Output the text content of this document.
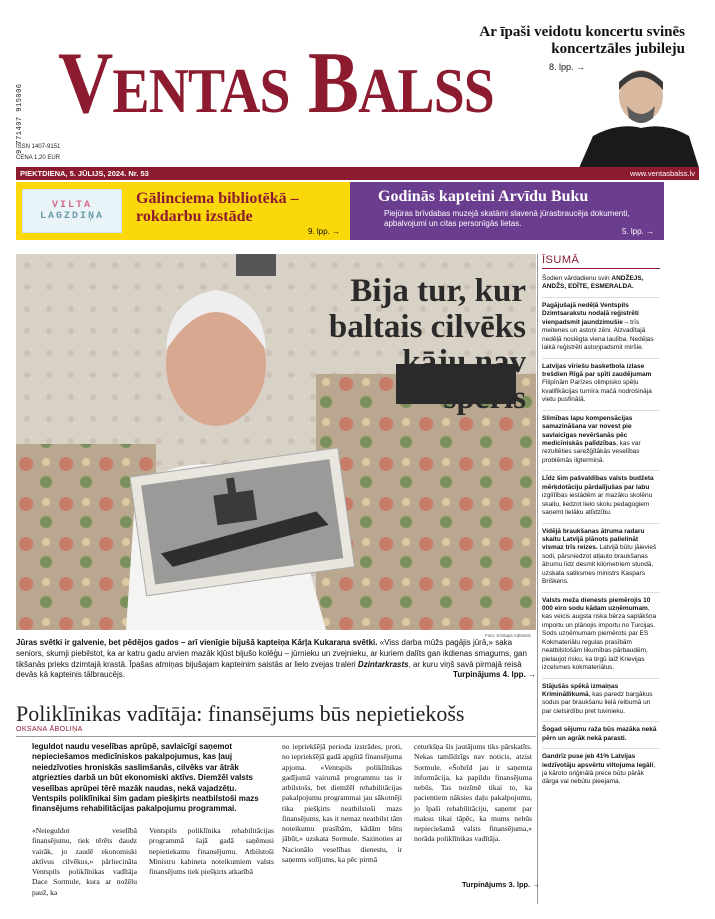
9 771407 915006
ISSN 1407-9151
CENA 1,20 EUR
VENTAS BALSS
Ar īpaši veidotu koncertu svinēs koncertzāles jubileju
8. lpp. →
PIEKTDIENA, 5. JŪLIJS, 2024. Nr. 53	www.ventasbalss.lv
VILTA
LAGZDIŅA
Gālinciema bibliotēkā – rokdarbu izstāde
9. lpp. →
Godinās kapteini Arvīdu Buku
Piejūras brīvdabas muzejā skatāmi slavenā jūrasbraucēja dokumenti, apbalvojumi un citas personīgās lietas.
5. lpp. →
Bija tur, kur baltais cilvēks kāju nav spēris
Foto: Kristaps Adiāsnis
Jūras svētki ir galvenie, bet pēdējos gados – arī vienīgie bijušā kapteiņa Kārļa Kukarana svētki. «Viss darba mūžs pagājis jūrā,» saka seniors, skumji piebilstot, ka ar katru gadu arvien mazāk kļūst bijušo kolēģu – jūrnieku un zvejnieku, ar kuriem dalīts gan ikdienas smagums, gan tikšanās prieks dzimtajā krastā. Īpašas atmiņas bijušajam kapteinim saistās ar lielo zvejas traleri Dzintarkrasts, ar kuru viņš savā pirmajā reisā devās kā kapteinis tālbraucējs.	Turpinājums 4. lpp. →
ĪSUMĀ
Šodien vārdadienu svin ANDŽEJS, ANDŽS, EDĪTE, ESMERALDA.
Pagājušajā nedēļā Ventspils Dzimtsarakstu nodaļā reģistrēti vienpadsmit jaundzimušie – trīs meitenes un astoņi zēni. Aizvadītajā nedēļā noslēgta viena laulība. Nedēļas laikā reģistrēti astoņpadsmit miršie.
Latvijas vīriešu basketbola izlase trešdien Rīgā par spīti zaudējumam Filipīnām Parīzes olimpisko spēļu kvalifikācijas turnīra mačā nodrošināja vietu pusfinālā.
Slimības lapu kompensācijas samazināšana var novest pie savlaicīgas nevēršanās pēc medicīniskās palīdzības, kas var rezultēties sarežģītākās veselības problēmās ilgtermiņā.
Līdz šim pašvaldības valsts budžeta mērķdotāciju pārdalījušas par labu izglītības iestādēm ar mazāku skolēnu skaitu, liedzot lielo skolu pedagogiem saņemt lielāku atlīdzību.
Vidējā braukšanas ātruma radaru skaitu Latvijā plānots palielināt vismaz trīs reizes. Latvijā būtu jāievieš sodi, pārsniedzot atļauto braukšanas ātrumu līdz desmit kilometriem stundā, uzskata satiksmes ministrs Kaspars Briškens.
Valsts meža dienests piemērojis 10 000 eiro sodu kādam uzņēmumam, kas veicis augsta riska bērza saplākšņa importu un plānojis importu no Turcijas. Sods uzņēmumam piemērots par ES Kokmateriālu regulas prasībām neatbilstošām likumības pārbaudēm, pielaujot risku, ka tirgū laiž Krievijas izcelsmes kokmateriālus.
Stājušās spēkā izmaiņas Krimināllikumā, kas paredz bargākus sodus par braukšanu lielā reibumā un par cietsirdību pret tuvinieku.
Šogad sējumu raža būs mazāka nekā pērn un agrāk nekā parasti.
Gandrīz puse jeb 41% Latvijas iedzīvotāju apsvērtu viltojuma legāli, ja kāroto oriģinālā prece būtu pārāk dārga vai nebūtu pieejama.
Poliklīnikas vadītāja: finansējums būs nepietiekošs
OKSANA ĀBOLIŅA
Ieguldot naudu veselības aprūpē, savlaicīgi saņemot nepieciešamos medicīniskos pakalpojumus, kas ļauj neiedzīvoties hroniskās saslimšanās, cilvēks var ātrāk atgriezties darbā un būt ekonomiski aktīvs. Diemžēl valsts veselības aprūpei tērē mazāk naudas, nekā vajadzētu. Ventspils poliklīnikai šim gadam piešķirts neatbilstoši mazs finansējums rehabilitācijas pakalpojumu programmai.
«Neieguldot veselībā finansējumu, tiek tērēts daudz vairāk, jo zaudē ekonomiski aktīvus cilvēkus,» pārliecināta Ventspils poliklīnikas vadītāja Dace Sormule, kura ar nožēlu pauž, ka
Ventspils poliklīnika rehabilitācijas programmā šajā gadā saņēmusi nepietiekamu finansējumu. Atbilstoši Ministru kabineta noteikumiem valsts finansējums tiek piešķirts atkarībā
no iepriekšējā perioda izstrādes, proti, no iepriekšējā gadā apgūtā finansējuma apjoma. «Ventspils poliklīnikas gadījumā vairumā programmu tas ir atbilstošs, bet diemžēl rehabilitācijas pakalpojumu programmai jau sākotnēji tika piešķirts neatbilstoši mazs finansējums, kas it nemaz neatbilst tām noteikumu prasībām, kādām būtu jābūt,» uzskata Sormule. Sazinoties ar Nacionālo veselības dienestu, ir saņemts solījums, ka pēc pirmā
ceturkšņa šis jautājums tiks pārskatīts. Nekas tamlīdzīgs nav noticis, atzist Sormule. «Šobrīd jau ir saņemta informācija, ka papildu finansējuma nebūs. Tas nozīmē tikai to, ka pacientiem nāksies daļu pakalpojumu, jo īpaši rehabilitāciju, saņemt par maksu tikai tāpēc, ka mums nebūs nepieciešamā valsts finansējuma,» norāda poliklīnikas vadītāja.
Turpinājums 3. lpp. →
